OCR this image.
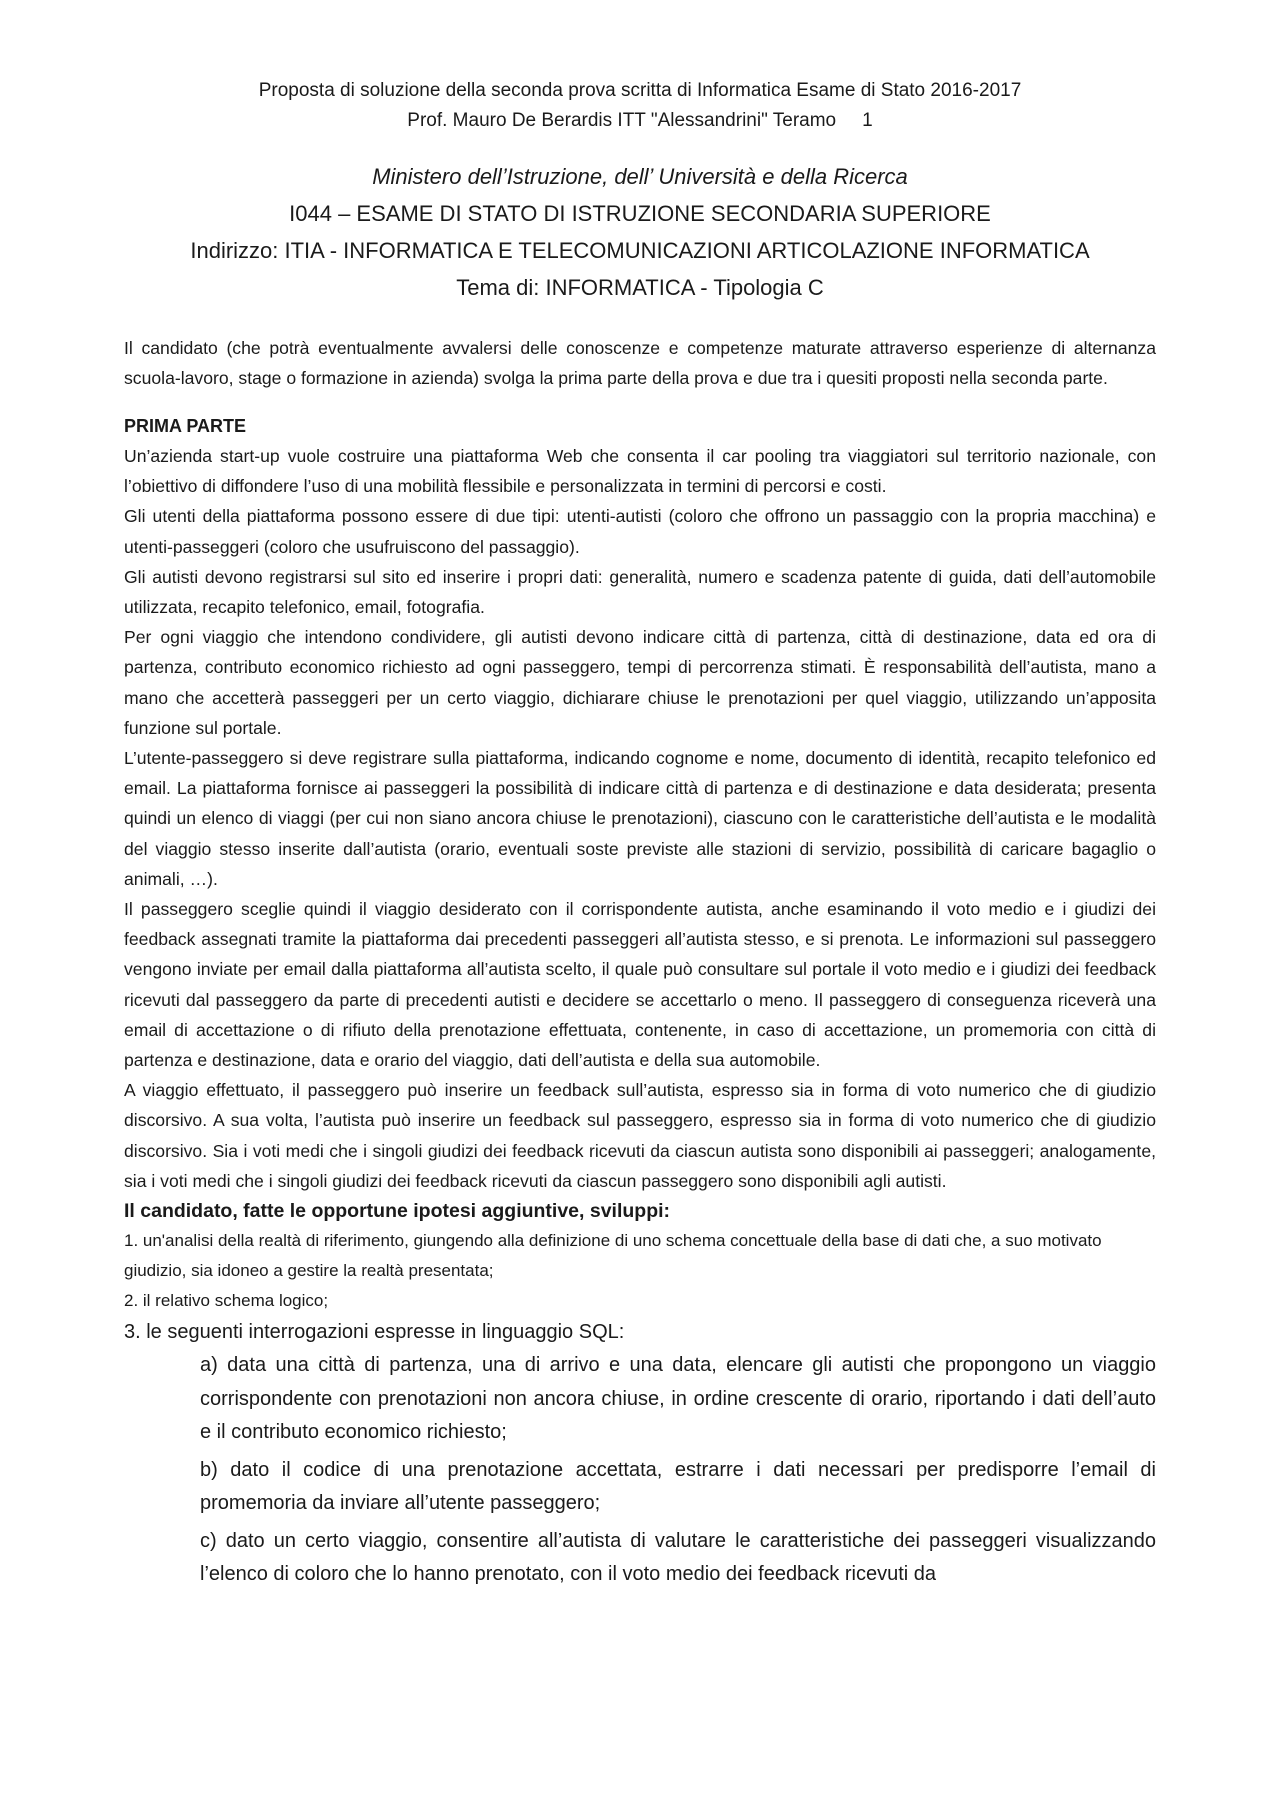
Proposta di soluzione della seconda prova scritta di Informatica Esame di Stato 2016-2017
Prof. Mauro De Berardis ITT "Alessandrini" Teramo 1
Ministero dell’Istruzione, dell’ Università e della Ricerca
I044 – ESAME DI STATO DI ISTRUZIONE SECONDARIA SUPERIORE
Indirizzo: ITIA - INFORMATICA E TELECOMUNICAZIONI ARTICOLAZIONE INFORMATICA
Tema di: INFORMATICA - Tipologia C

Il candidato (che potrà eventualmente avvalersi delle conoscenze e competenze maturate attraverso esperienze di alternanza scuola-lavoro, stage o formazione in azienda) svolga la prima parte della prova e due tra i quesiti proposti nella seconda parte.

PRIMA PARTE

Un’azienda start-up vuole costruire una piattaforma Web che consenta il car pooling tra viaggiatori sul territorio nazionale, con l’obiettivo di diffondere l’uso di una mobilità flessibile e personalizzata in termini di percorsi e costi.

Gli utenti della piattaforma possono essere di due tipi: utenti-autisti (coloro che offrono un passaggio con la propria macchina) e utenti-passeggeri (coloro che usufruiscono del passaggio).

Gli autisti devono registrarsi sul sito ed inserire i propri dati: generalità, numero e scadenza patente di guida, dati dell’automobile utilizzata, recapito telefonico, email, fotografia.

Per ogni viaggio che intendono condividere, gli autisti devono indicare città di partenza, città di destinazione, data ed ora di partenza, contributo economico richiesto ad ogni passeggero, tempi di percorrenza stimati. È responsabilità dell’autista, mano a mano che accetterà passeggeri per un certo viaggio, dichiarare chiuse le prenotazioni per quel viaggio, utilizzando un’apposita funzione sul portale.

L’utente-passeggero si deve registrare sulla piattaforma, indicando cognome e nome, documento di identità, recapito telefonico ed email. La piattaforma fornisce ai passeggeri la possibilità di indicare città di partenza e di destinazione e data desiderata; presenta quindi un elenco di viaggi (per cui non siano ancora chiuse le prenotazioni), ciascuno con le caratteristiche dell’autista e le modalità del viaggio stesso inserite dall’autista (orario, eventuali soste previste alle stazioni di servizio, possibilità di caricare bagaglio o animali, …).

Il passeggero sceglie quindi il viaggio desiderato con il corrispondente autista, anche esaminando il voto medio e i giudizi dei feedback assegnati tramite la piattaforma dai precedenti passeggeri all’autista stesso, e si prenota. Le informazioni sul passeggero vengono inviate per email dalla piattaforma all’autista scelto, il quale può consultare sul portale il voto medio e i giudizi dei feedback ricevuti dal passeggero da parte di precedenti autisti e decidere se accettarlo o meno. Il passeggero di conseguenza riceverà una email di accettazione o di rifiuto della prenotazione effettuata, contenente, in caso di accettazione, un promemoria con città di partenza e destinazione, data e orario del viaggio, dati dell’autista e della sua automobile.

A viaggio effettuato, il passeggero può inserire un feedback sull’autista, espresso sia in forma di voto numerico che di giudizio discorsivo. A sua volta, l’autista può inserire un feedback sul passeggero, espresso sia in forma di voto numerico che di giudizio discorsivo. Sia i voti medi che i singoli giudizi dei feedback ricevuti da ciascun autista sono disponibili ai passeggeri; analogamente, sia i voti medi che i singoli giudizi dei feedback ricevuti da ciascun passeggero sono disponibili agli autisti.

Il candidato, fatte le opportune ipotesi aggiuntive, sviluppi:
1. un'analisi della realtà di riferimento, giungendo alla definizione di uno schema concettuale della base di dati che, a suo motivato giudizio, sia idoneo a gestire la realtà presentata;
2. il relativo schema logico;
3. le seguenti interrogazioni espresse in linguaggio SQL:

a) data una città di partenza, una di arrivo e una data, elencare gli autisti che propongono un viaggio corrispondente con prenotazioni non ancora chiuse, in ordine crescente di orario, riportando i dati dell’auto e il contributo economico richiesto;

b) dato il codice di una prenotazione accettata, estrarre i dati necessari per predisporre l’email di promemoria da inviare all’utente passeggero;

c) dato un certo viaggio, consentire all’autista di valutare le caratteristiche dei passeggeri visualizzando l’elenco di coloro che lo hanno prenotato, con il voto medio dei feedback ricevuti da
